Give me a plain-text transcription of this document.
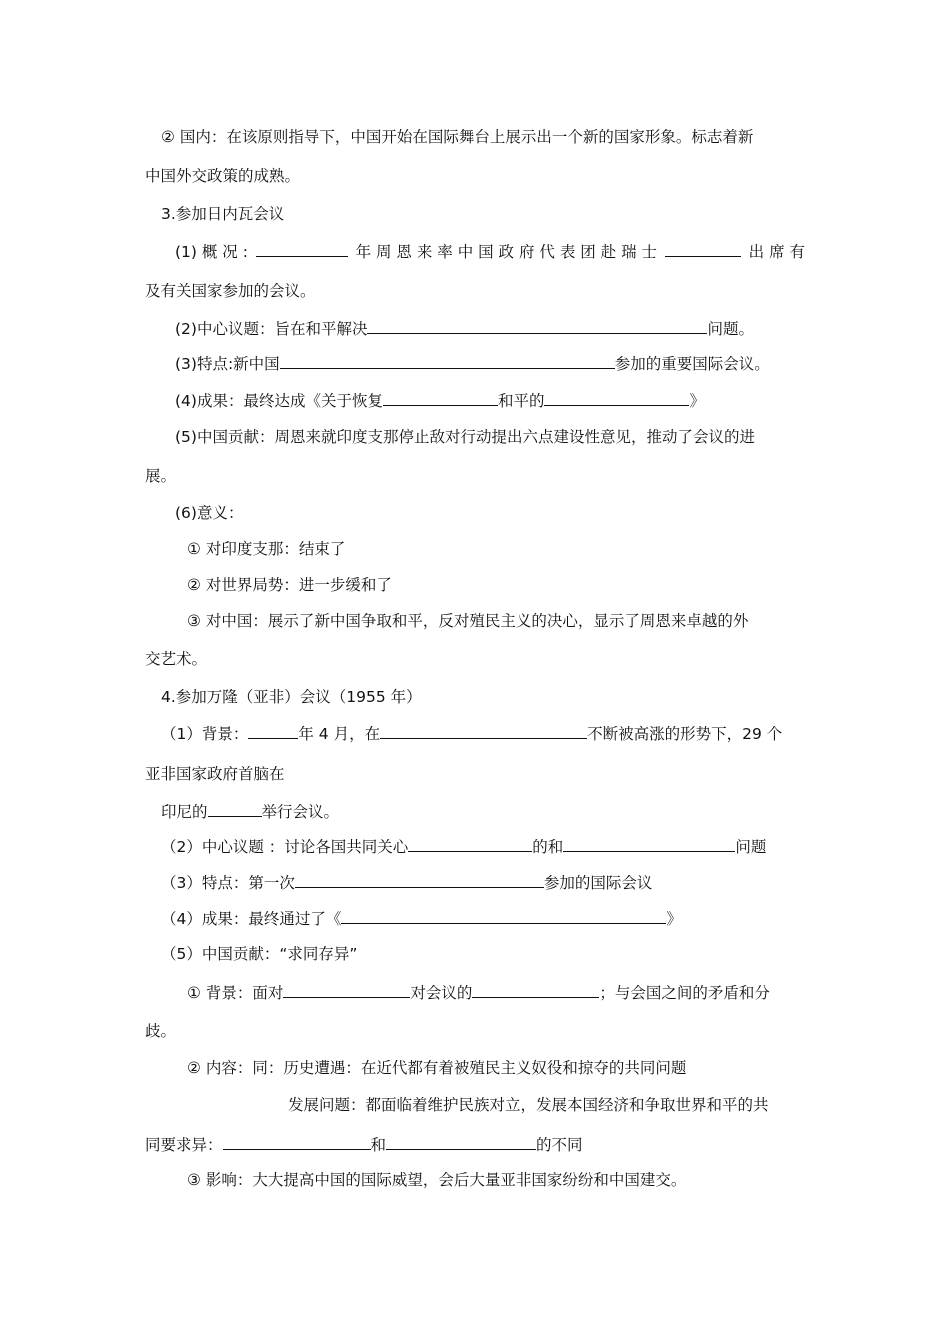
② 国内：在该原则指导下，中国开始在国际舞台上展示出一个新的国家形象。标志着新
中国外交政策的成熟。
3.参加日内瓦会议
(1) 概 况 :	年 周 恩 来 率 中 国 政 府 代 表 团 赴 瑞 士	出 席 有
及有关国家参加的会议。
(2)中心议题：旨在和平解决	问题。
(3)特点:新中国	参加的重要国际会议。
(4)成果：最终达成《关于恢复	和平的	》
(5)中国贡献：周恩来就印度支那停止敌对行动提出六点建设性意见，推动了会议的进
展。
(6)意义：
① 对印度支那：结束了
② 对世界局势：进一步缓和了
③ 对中国：展示了新中国争取和平，反对殖民主义的决心，显示了周恩来卓越的外
交艺术。
4.参加万隆（亚非）会议（1955 年）
（1）背景：	年 4 月，在	不断被高涨的形势下，29 个
亚非国家政府首脑在
印尼的	举行会议。
（2）中心议题 ：讨论各国共同关心	的和	问题
（3）特点：第一次	参加的国际会议
（4）成果：最终通过了《	》
（5）中国贡献：“求同存异”
① 背景：面对	对会议的	；与会国之间的矛盾和分
歧。
② 内容：同：历史遭遇：在近代都有着被殖民主义奴役和掠夺的共同问题
发展问题：都面临着维护民族对立，发展本国经济和争取世界和平的共
同要求异：	和	的不同
③ 影响：大大提高中国的国际威望，会后大量亚非国家纷纷和中国建交。
